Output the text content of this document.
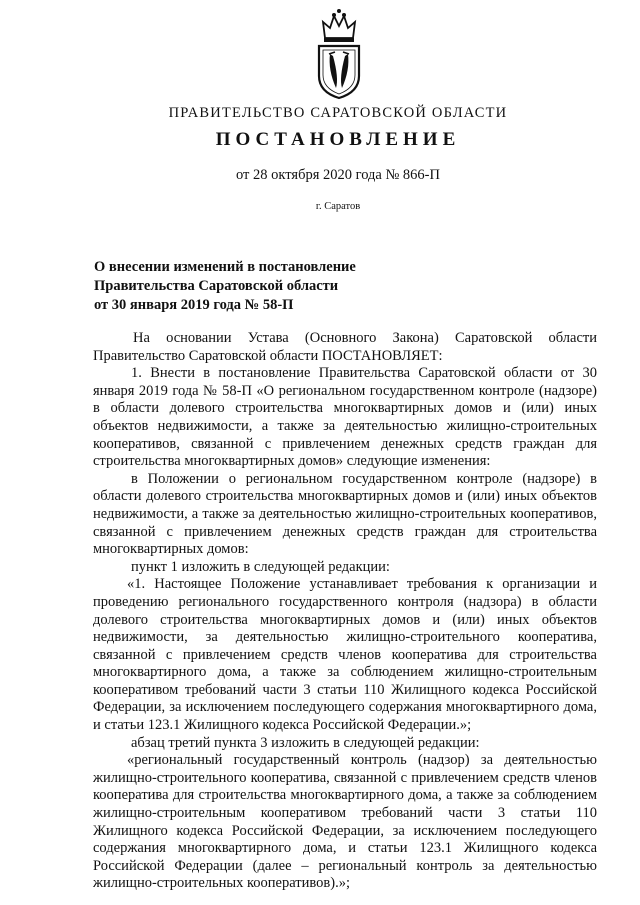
ПРАВИТЕЛЬСТВО САРАТОВСКОЙ ОБЛАСТИ
ПОСТАНОВЛЕНИЕ
от 28 октября 2020 года № 866-П
г. Саратов
О внесении изменений в постановление
Правительства Саратовской области
от 30 января 2019 года № 58-П

На основании Устава (Основного Закона) Саратовской области Правительство Саратовской области ПОСТАНОВЛЯЕТ:

1. Внести в постановление Правительства Саратовской области от 30 января 2019 года № 58-П «О региональном государственном контроле (надзоре) в области долевого строительства многоквартирных домов и (или) иных объектов недвижимости, а также за деятельностью жилищно-строительных кооперативов, связанной с привлечением денежных средств граждан для строительства многоквартирных домов» следующие изменения:

в Положении о региональном государственном контроле (надзоре) в области долевого строительства многоквартирных домов и (или) иных объектов недвижимости, а также за деятельностью жилищно-строительных кооперативов, связанной с привлечением денежных средств граждан для строительства многоквартирных домов:

пункт 1 изложить в следующей редакции:

«1. Настоящее Положение устанавливает требования к организации и проведению регионального государственного контроля (надзора) в области долевого строительства многоквартирных домов и (или) иных объектов недвижимости, за деятельностью жилищно-строительного кооператива, связанной с привлечением средств членов кооператива для строительства многоквартирного дома, а также за соблюдением жилищно-строительным кооперативом требований части 3 статьи 110 Жилищного кодекса Российской Федерации, за исключением последующего содержания многоквартирного дома, и статьи 123.1 Жилищного кодекса Российской Федерации.»;

абзац третий пункта 3 изложить в следующей редакции:

«региональный государственный контроль (надзор) за деятельностью жилищно-строительного кооператива, связанной с привлечением средств членов кооператива для строительства многоквартирного дома, а также за соблюдением жилищно-строительным кооперативом требований части 3 статьи 110 Жилищного кодекса Российской Федерации, за исключением последующего содержания многоквартирного дома, и статьи 123.1 Жилищного кодекса Российской Федерации (далее – региональный контроль за деятельностью жилищно-строительных кооперативов).»;
